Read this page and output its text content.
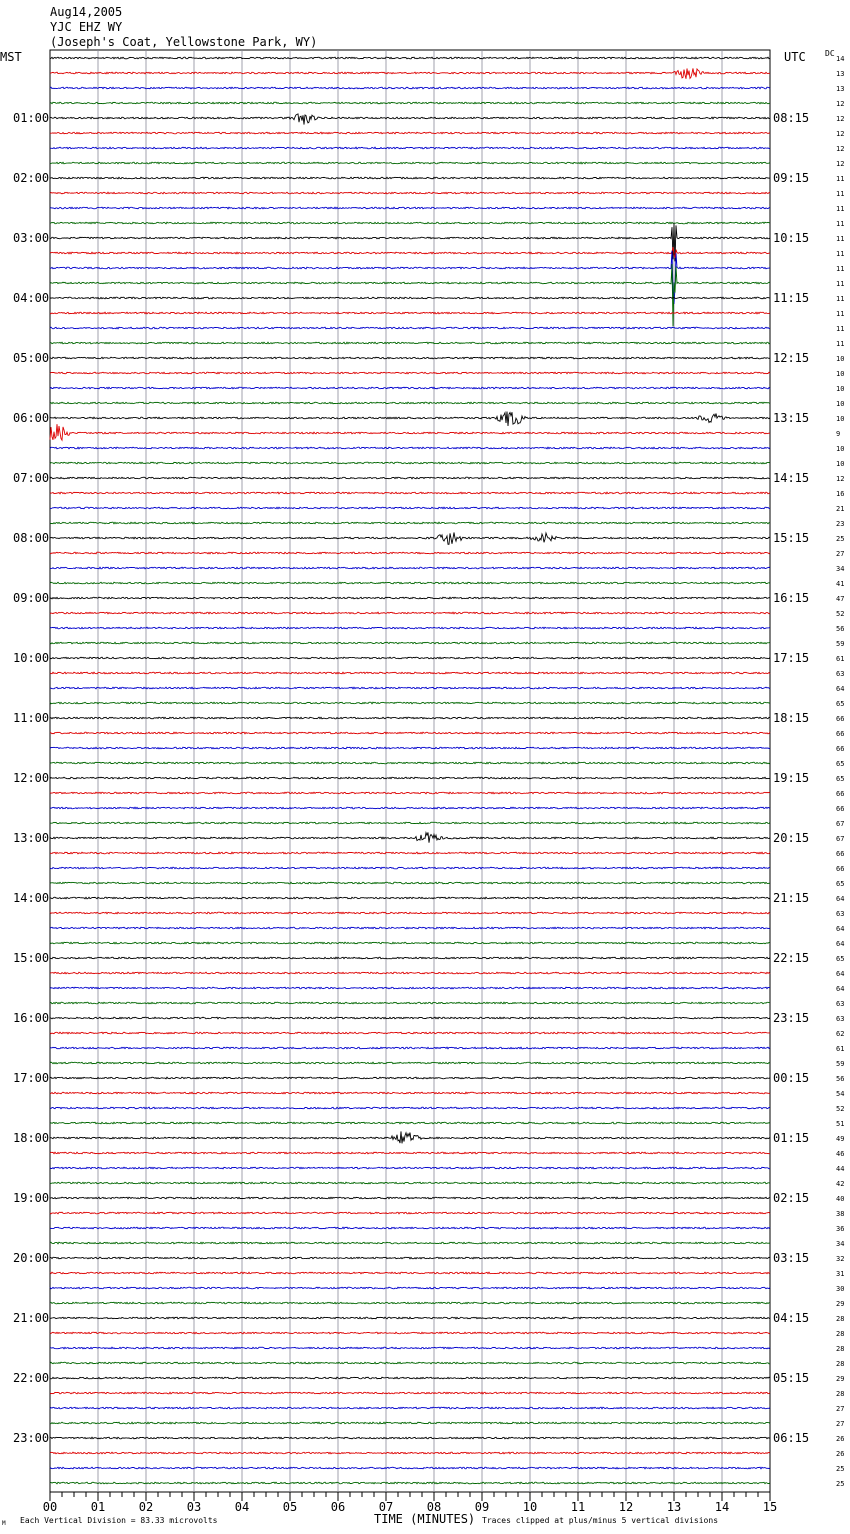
Aug14,2005
YJC EHZ WY
(Joseph's Coat, Yellowstone Park, WY)
MST	UTC DC
01:00
02:00
03:00
04:00
05:00
06:00
07:00
08:00
09:00
10:00
11:00
12:00
13:00
14:00
15:00
16:00
17:00
18:00
19:00
20:00
21:00
22:00
23:00
08:15
09:15
10:15
11:15
12:15
13:15
14:15
15:15
16:15
17:15
18:15
19:15
20:15
21:15
22:15
23:15
00:15
01:15
02:15
03:15
04:15
05:15
06:15
14
13
13
12
12
12
12
12
11
11
11
11
11
11
11
11
11
11
11
11
10
10
10
10
10
9
10
10
12
16
21
23
25
27
34
41
47
52
56
59
61
63
64
65
66
66
66
65
65
66
66
67
67
66
66
65
64
63
64
64
65
64
64
63
63
62
61
59
56
54
52
51
49
46
44
42
40
38
36
34
32
31
30
29
28
28
28
28
29
28
27
27
26
26
25
25
00	01	02	03	04	05	06	07	08	09	10	11	12	13	14	15
M Each Vertical Division = 83.33 microvolts	TIME (MINUTES) Traces clipped at plus/minus 5 vertical divisions
